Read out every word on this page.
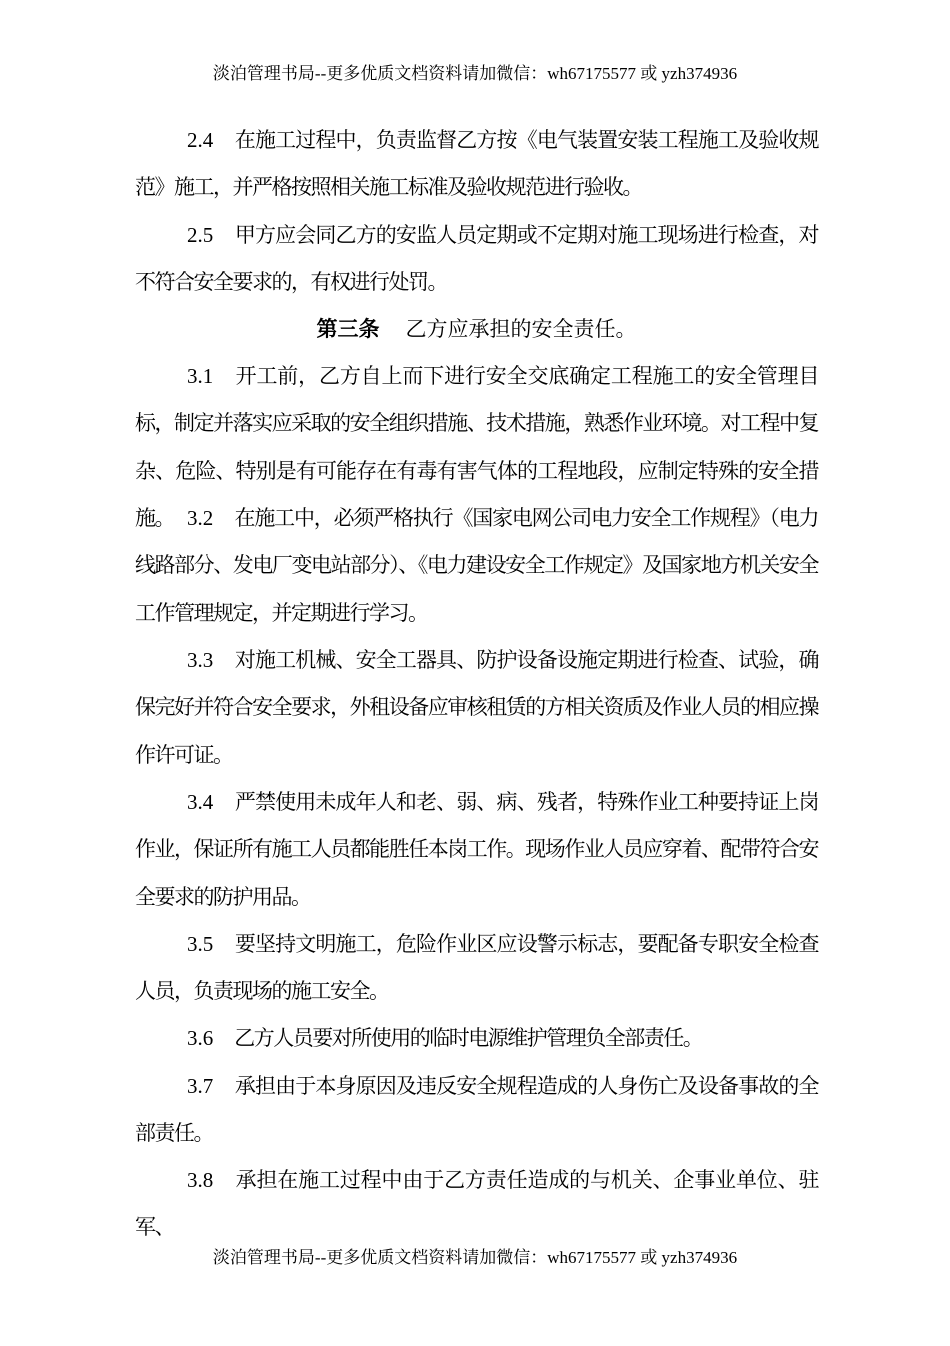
淡泊管理书局--更多优质文档资料请加微信：wh67175577 或 yzh374936

2.4 在施工过程中，负责监督乙方按《电气装置安装工程施工及验收规范》施工，并严格按照相关施工标准及验收规范进行验收。

2.5 甲方应会同乙方的安监人员定期或不定期对施工现场进行检查，对不符合安全要求的，有权进行处罚。

第三条 乙方应承担的安全责任。

3.1 开工前，乙方自上而下进行安全交底确定工程施工的安全管理目标，制定并落实应采取的安全组织措施、技术措施，熟悉作业环境。对工程中复杂、危险、特别是有可能存在有毒有害气体的工程地段，应制定特殊的安全措施。 3.2 在施工中，必须严格执行《国家电网公司电力安全工作规程》（电力线路部分、发电厂变电站部分）、《电力建设安全工作规定》及国家地方机关安全工作管理规定，并定期进行学习。

3.3 对施工机械、安全工器具、防护设备设施定期进行检查、试验，确保完好并符合安全要求，外租设备应审核租赁的方相关资质及作业人员的相应操作许可证。

3.4 严禁使用未成年人和老、弱、病、残者，特殊作业工种要持证上岗作业，保证所有施工人员都能胜任本岗工作。现场作业人员应穿着、配带符合安全要求的防护用品。

3.5 要坚持文明施工，危险作业区应设警示标志，要配备专职安全检查人员，负责现场的施工安全。

3.6 乙方人员要对所使用的临时电源维护管理负全部责任。

3.7 承担由于本身原因及违反安全规程造成的人身伤亡及设备事故的全部责任。

3.8 承担在施工过程中由于乙方责任造成的与机关、企事业单位、驻军、

淡泊管理书局--更多优质文档资料请加微信：wh67175577 或 yzh374936
